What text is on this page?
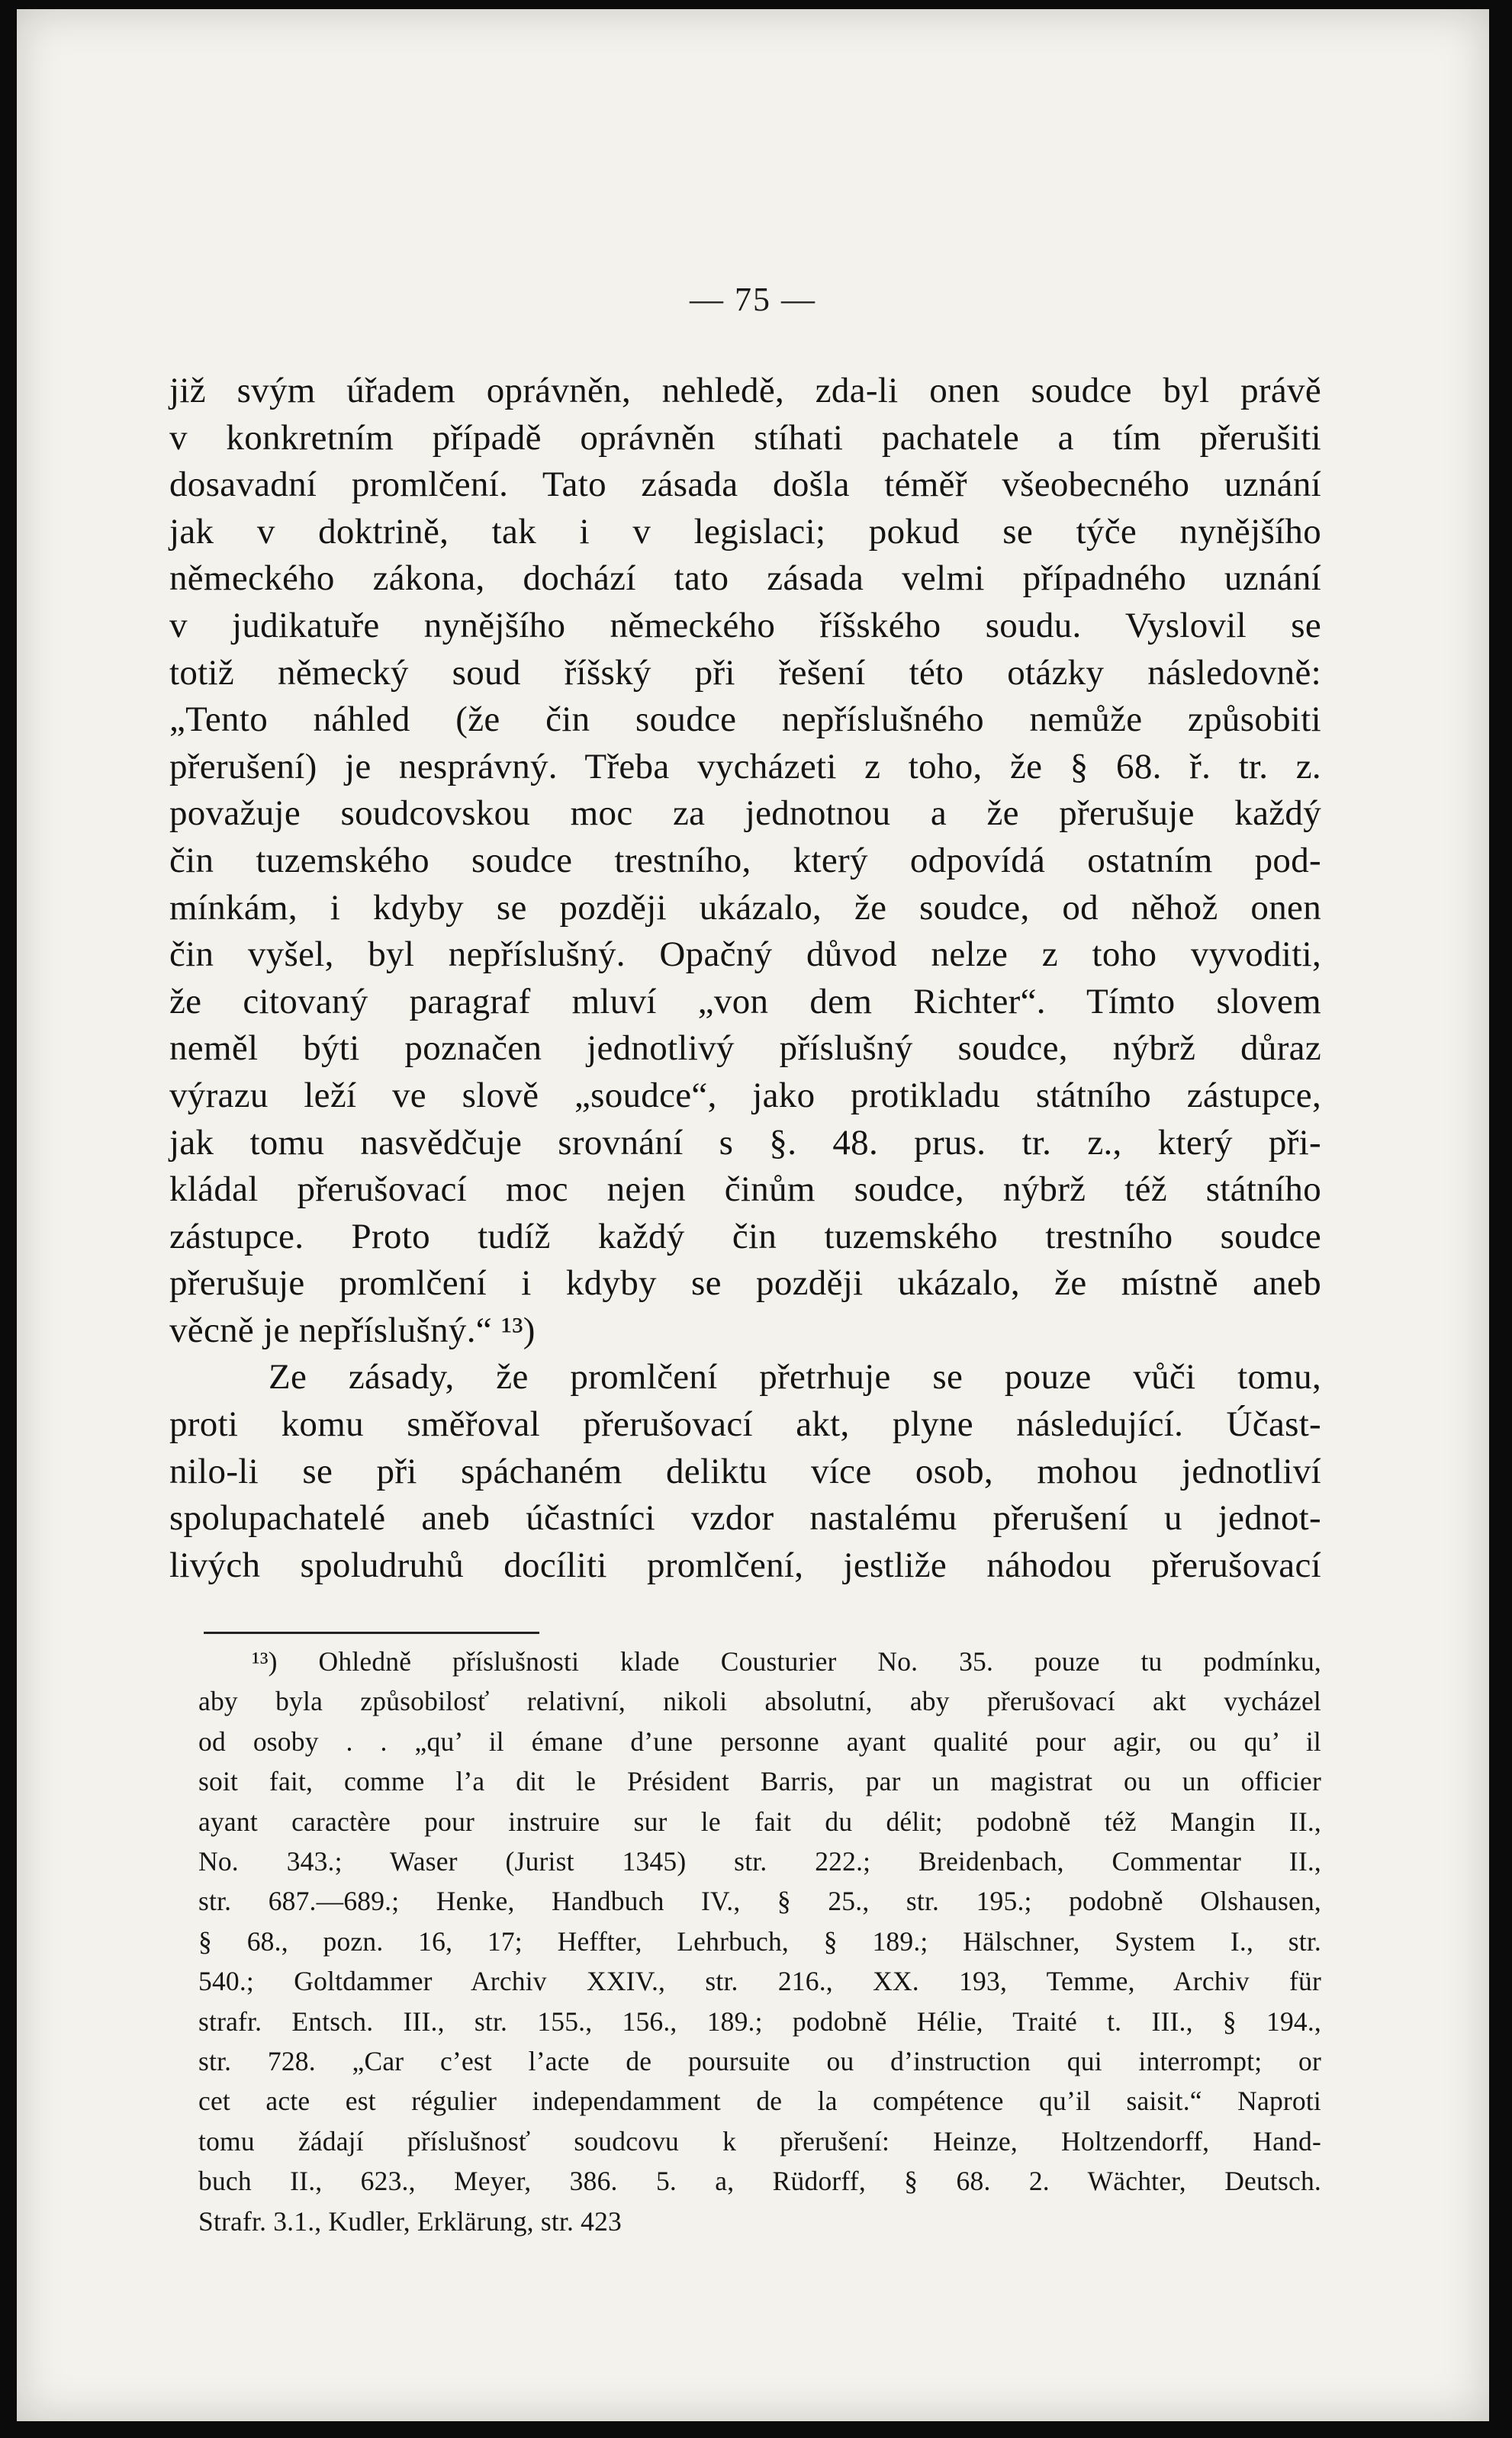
— 75 —
již svým úřadem oprávněn, nehledě, zda-li onen soudce byl právě
v konkretním případě oprávněn stíhati pachatele a tím přerušiti
dosavadní promlčení. Tato zásada došla téměř všeobecného uznání
jak v doktrině, tak i v legislaci; pokud se týče nynějšího
německého zákona, dochází tato zásada velmi případného uznání
v judikatuře nynějšího německého říšského soudu. Vyslovil se
totiž německý soud říšský při řešení této otázky následovně:
„Tento náhled (že čin soudce nepříslušného nemůže způsobiti
přerušení) je nesprávný. Třeba vycházeti z toho, že § 68. ř. tr. z.
považuje soudcovskou moc za jednotnou a že přerušuje každý
čin tuzemského soudce trestního, který odpovídá ostatním pod-
mínkám, i kdyby se později ukázalo, že soudce, od něhož onen
čin vyšel, byl nepříslušný. Opačný důvod nelze z toho vyvoditi,
že citovaný paragraf mluví „von dem Richter“. Tímto slovem
neměl býti poznačen jednotlivý příslušný soudce, nýbrž důraz
výrazu leží ve slově „soudce“, jako protikladu státního zástupce,
jak tomu nasvědčuje srovnání s §. 48. prus. tr. z., který při-
kládal přerušovací moc nejen činům soudce, nýbrž též státního
zástupce. Proto tudíž každý čin tuzemského trestního soudce
přerušuje promlčení i kdyby se později ukázalo, že místně aneb
věcně je nepříslušný.“ ¹³)
Ze zásady, že promlčení přetrhuje se pouze vůči tomu,
proti komu směřoval přerušovací akt, plyne následující. Účast-
nilo-li se při spáchaném deliktu více osob, mohou jednotliví
spolupachatelé aneb účastníci vzdor nastalému přerušení u jednot-
livých spoludruhů docíliti promlčení, jestliže náhodou přerušovací
¹³) Ohledně příslušnosti klade Cousturier No. 35. pouze tu podmínku,
aby byla způsobilosť relativní, nikoli absolutní, aby přerušovací akt vycházel
od osoby . . „qu’ il émane d’une personne ayant qualité pour agir, ou qu’ il
soit fait, comme l’a dit le Président Barris, par un magistrat ou un officier
ayant caractère pour instruire sur le fait du délit; podobně též Mangin II.,
No. 343.; Waser (Jurist 1345) str. 222.; Breidenbach, Commentar II.,
str. 687.—689.; Henke, Handbuch IV., § 25., str. 195.; podobně Olshausen,
§ 68., pozn. 16, 17; Heffter, Lehrbuch, § 189.; Hälschner, System I., str.
540.; Goltdammer Archiv XXIV., str. 216., XX. 193, Temme, Archiv für
strafr. Entsch. III., str. 155., 156., 189.; podobně Hélie, Traité t. III., § 194.,
str. 728. „Car c’est l’acte de poursuite ou d’instruction qui interrompt; or
cet acte est régulier independamment de la compétence qu’il saisit.“ Naproti
tomu žádají příslušnosť soudcovu k přerušení: Heinze, Holtzendorff, Hand-
buch II., 623., Meyer, 386. 5. a, Rüdorff, § 68. 2. Wächter, Deutsch.
Strafr. 3.1., Kudler, Erklärung, str. 423
